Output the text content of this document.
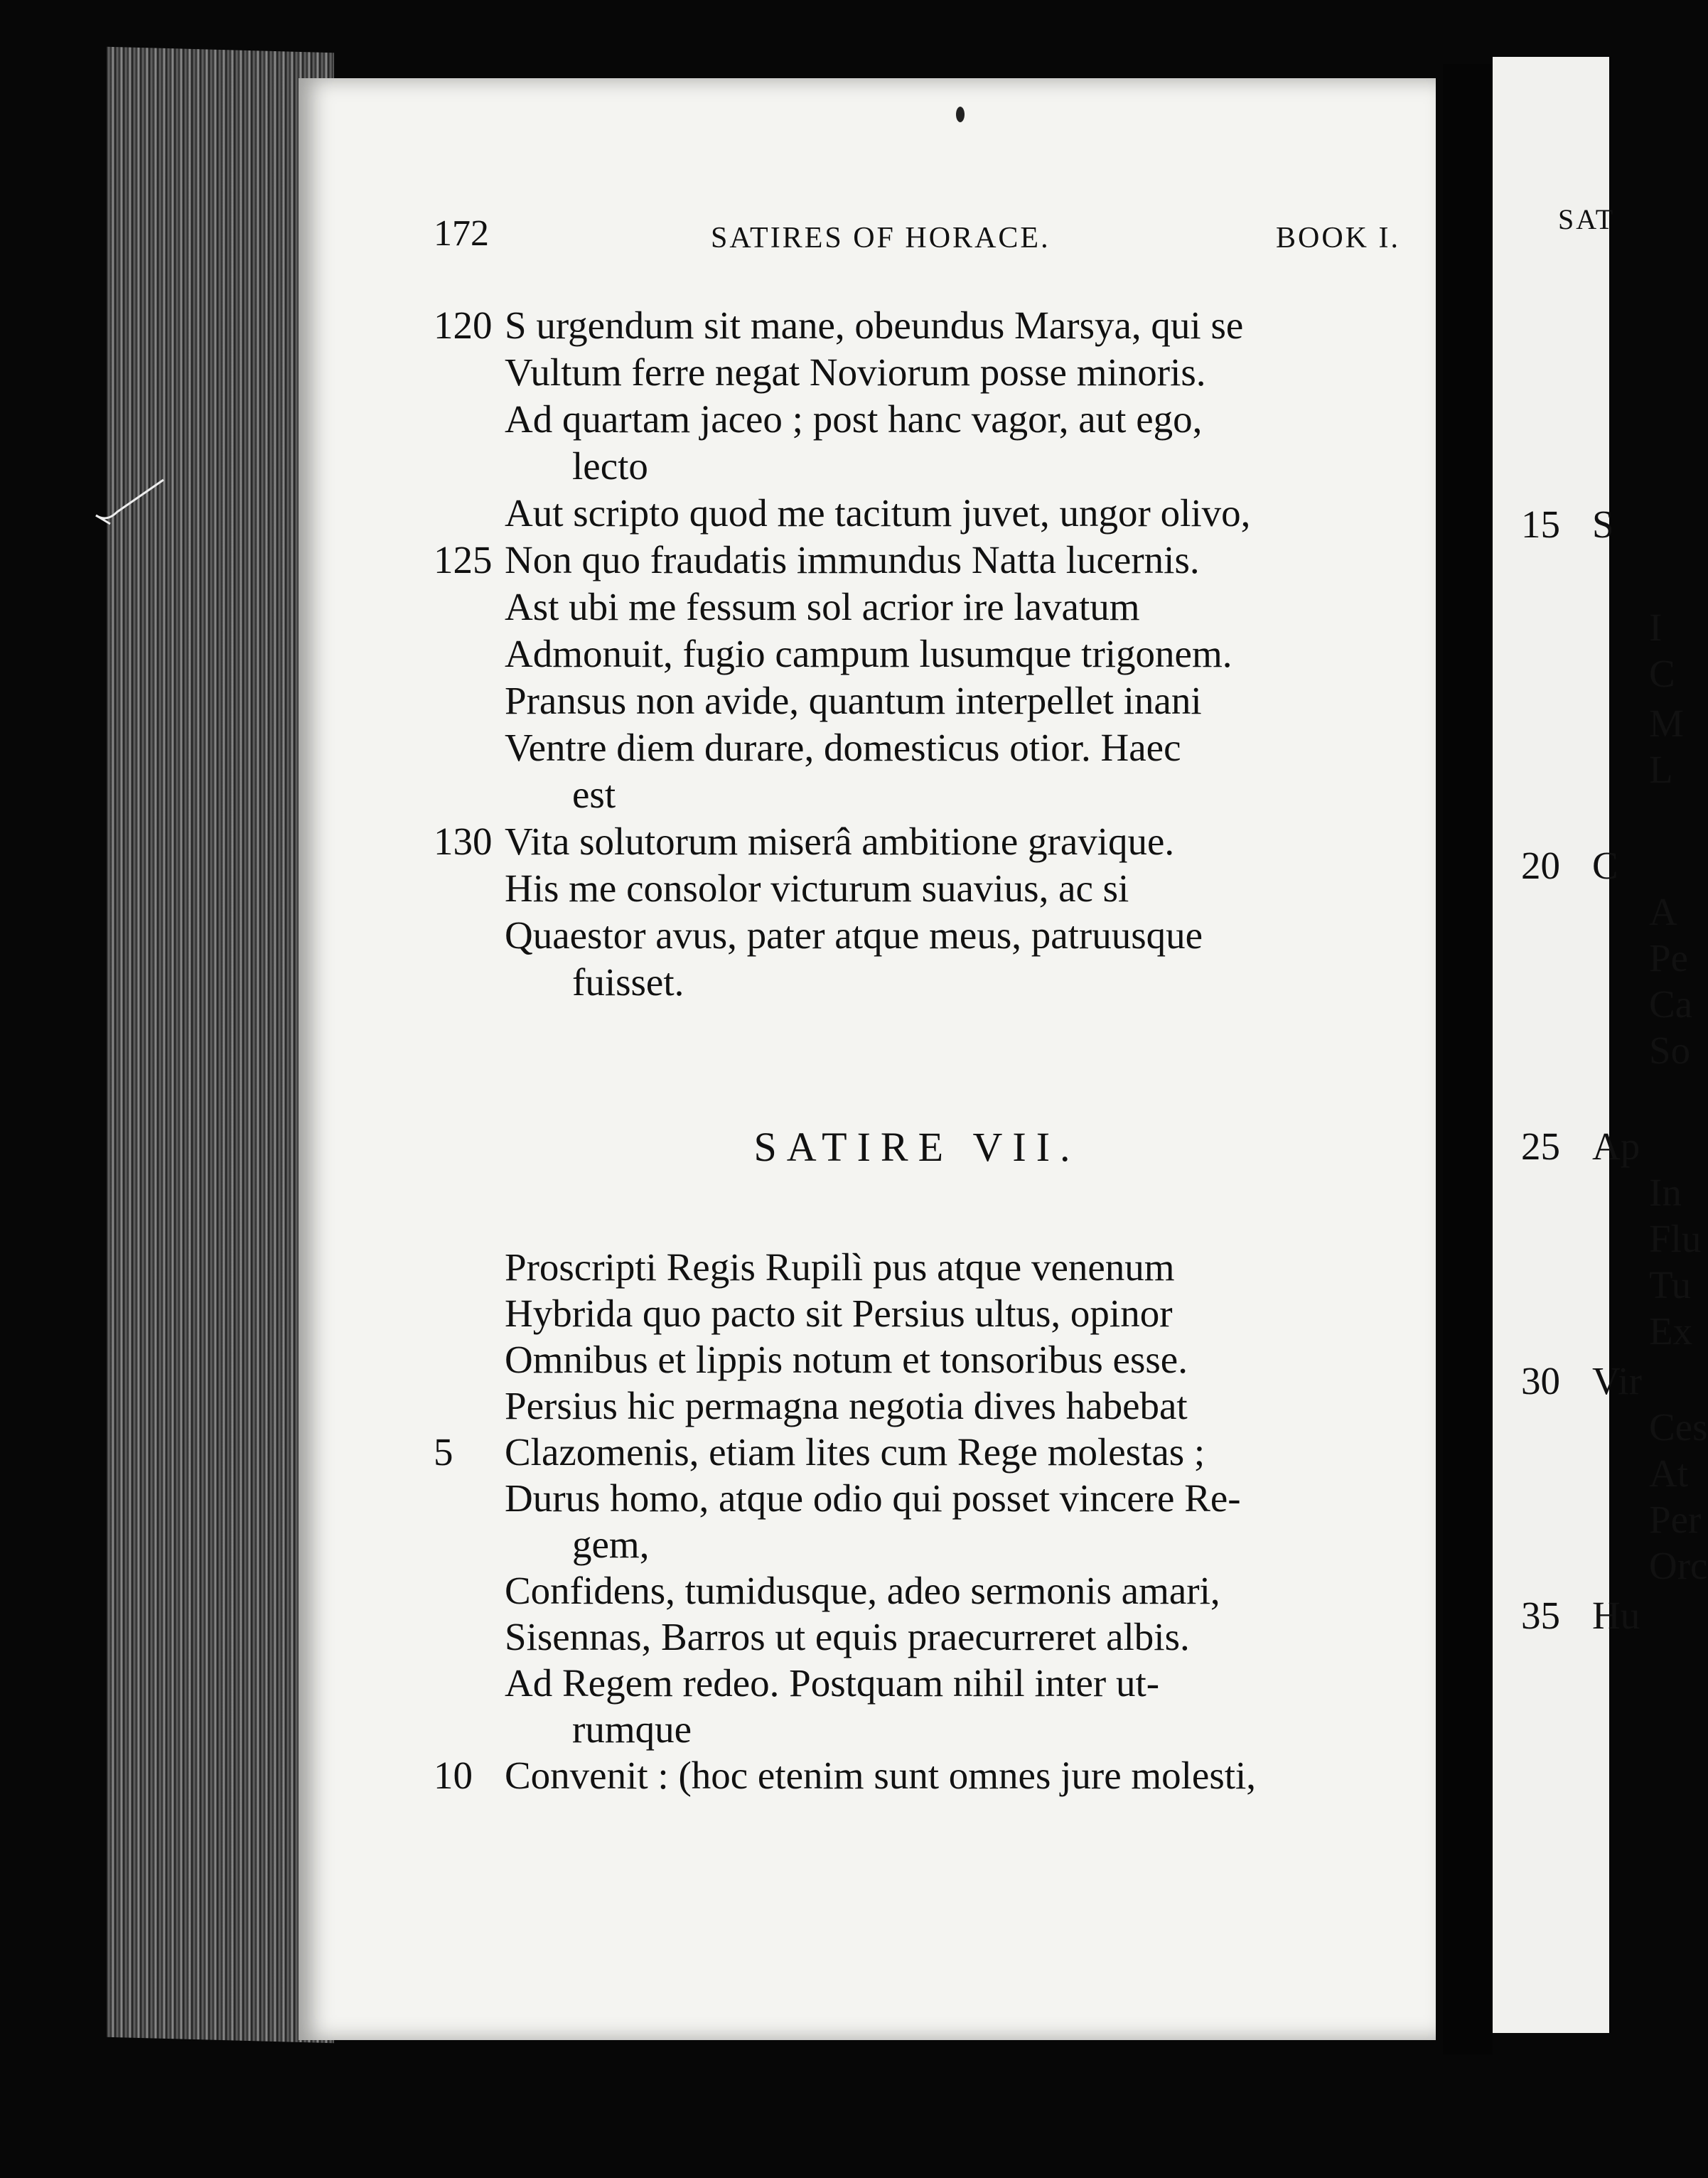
SAT
15 S
I
C
M
L
20 C
A
Pe
Ca
So
25 Ap
In
Flu
Tu
Ex
30 Vir
Ces
At
Per
Orc
35 Hu
172	SATIRES OF HORACE.	BOOK I.
120 S urgendum sit mane, obeundus Marsya, qui se
Vultum ferre negat Noviorum posse minoris.
Ad quartam jaceo ; post hanc vagor, aut ego,
lecto
Aut scripto quod me tacitum juvet, ungor olivo,
125 Non quo fraudatis immundus Natta lucernis.
Ast ubi me fessum sol acrior ire lavatum
Admonuit, fugio campum lusumque trigonem.
Pransus non avide, quantum interpellet inani
Ventre diem durare, domesticus otior. Haec
est
130 Vita solutorum miserâ ambitione gravique.
His me consolor victurum suavius, ac si
Quaestor avus, pater atque meus, patruusque
fuisset.
SATIRE VII.
Proscripti Regis Rupilì pus atque venenum
Hybrida quo pacto sit Persius ultus, opinor
Omnibus et lippis notum et tonsoribus esse.
Persius hic permagna negotia dives habebat
5 Clazomenis, etiam lites cum Rege molestas ;
Durus homo, atque odio qui posset vincere Re-
gem,
Confidens, tumidusque, adeo sermonis amari,
Sisennas, Barros ut equis praecurreret albis.
Ad Regem redeo. Postquam nihil inter ut-
rumque
10 Convenit : (hoc etenim sunt omnes jure molesti,
